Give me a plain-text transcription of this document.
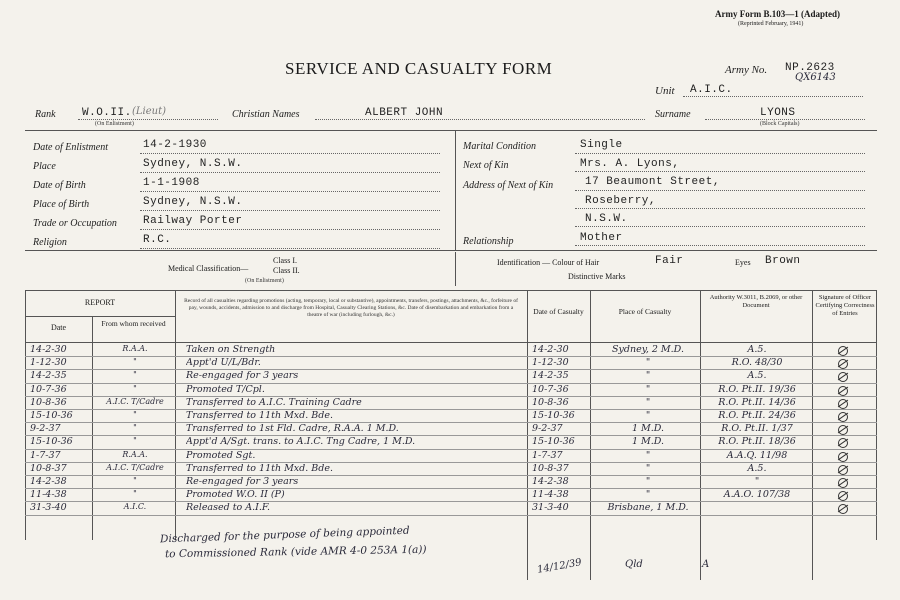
Army Form B.103—1 (Adapted)
(Reprinted February, 1941)
SERVICE AND CASUALTY FORM	Army No. NP.2623
QX6143
Unit A.I.C.
Rank W.O.II. (Lieut)
(On Enlistment)
Christian Names	ALBERT JOHN	Surname	LYONS
(Block Capitals)
Date of Enlistment	14-2-1930
Place	Sydney, N.S.W.
Date of Birth	1-1-1908
Place of Birth	Sydney, N.S.W.
Trade or Occupation Railway Porter
Religion	R.C.
Marital Condition	Single
Next of Kin	Mrs. A. Lyons,
Address of Next of Kin	17 Beaumont Street,
Roseberry,
N.S.W.
Relationship	Mother
Medical Classification—
Class I.
Class II.
(On Enlistment)
Identification — Colour of Hair	Fair	Eyes Brown
Distinctive Marks
REPORT
Date	From whom received
Record of all casualties regarding promotions (acting, temporary, local or substantive), appointments, transfers, postings, attachments, &c., forfeiture of pay, wounds, accidents, admission to and discharge from Hospital, Casualty Clearing Stations, &c. Date of disembarkation and embarkation from a theatre of war (including furlough, &c.)	Date of Casualty	Place of Casualty
Authority W.3011, B.2069, or other Document
Signature of Officer Certifying Correctness of Entries
14-2-30	R.A.A.	Taken on Strength	14-2-30	Sydney, 2 M.D.	A.5.
1-12-30	"	Appt'd U/L/Bdr.	1-12-30	"	R.O. 48/30
14-2-35	"	Re-engaged for 3 years	14-2-35	"	A.5.
10-7-36	"	Promoted T/Cpl.	10-7-36	"	R.O. Pt.II. 19/36
10-8-36	A.I.C. T/Cadre	Transferred to A.I.C. Training Cadre	10-8-36	"	R.O. Pt.II. 14/36
15-10-36	"	Transferred to 11th Mxd. Bde.	15-10-36	"	R.O. Pt.II. 24/36
9-2-37	"	Transferred to 1st Fld. Cadre, R.A.A. 1 M.D.	9-2-37	1 M.D.	R.O. Pt.II. 1/37
15-10-36	"	Appt'd A/Sgt. trans. to A.I.C. Tng Cadre, 1 M.D.	15-10-36	1 M.D.	R.O. Pt.II. 18/36
1-7-37	R.A.A.	Promoted Sgt.	1-7-37	"	A.A.Q. 11/98
10-8-37	A.I.C. T/Cadre	Transferred to 11th Mxd. Bde.	10-8-37	"	A.5.
14-2-38	"	Re-engaged for 3 years	14-2-38	"	"
11-4-38	"	Promoted W.O. II (P)	11-4-38	"	A.A.O. 107/38
31-3-40	A.I.C.	Released to A.I.F.	31-3-40	Brisbane, 1 M.D.
Discharged for the purpose of being appointed
to Commissioned Rank (vide AMR 4-0 253A 1(a))
14/12/39	Qld	A
